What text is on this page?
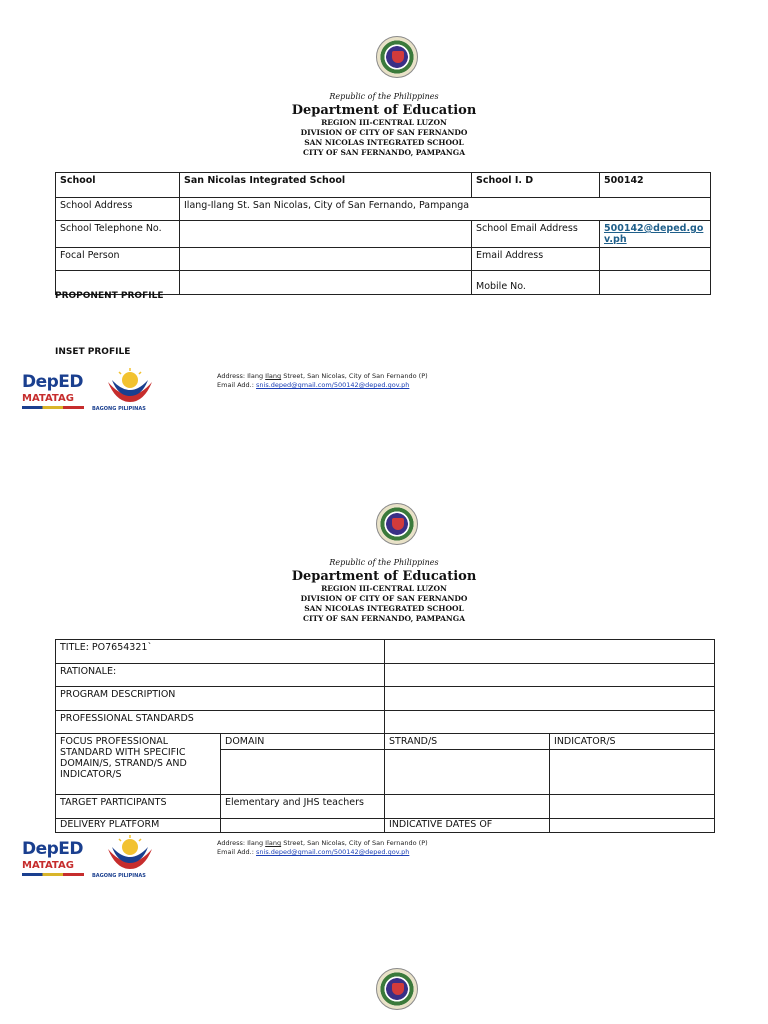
Republic of the Philippines
Department of Education
REGION III-CENTRAL LUZON
DIVISION OF CITY OF SAN FERNANDO
SAN NICOLAS INTEGRATED SCHOOL
CITY OF SAN FERNANDO, PAMPANGA
School	San Nicolas Integrated School	School I. D	500142
School Address	Ilang-Ilang St. San Nicolas, City of San Fernando, Pampanga		
School Telephone No.		School Email Address	500142@deped.gov.ph
Focal Person		Email Address	
		Mobile No.	
PROPONENT PROFILE
INSET PROFILE
DepED
MATATAG
BAGONG PILIPINAS
Address: Ilang Ilang Street, San Nicolas, City of San Fernando (P)
Email Add.: snis.deped@gmail.com/500142@deped.gov.ph
Republic of the Philippines
Department of Education
REGION III-CENTRAL LUZON
DIVISION OF CITY OF SAN FERNANDO
SAN NICOLAS INTEGRATED SCHOOL
CITY OF SAN FERNANDO, PAMPANGA
TITLE: PO7654321`			
RATIONALE:			
PROGRAM DESCRIPTION			
PROFESSIONAL STANDARDS			
FOCUS PROFESSIONAL STANDARD WITH SPECIFIC DOMAIN/S, STRAND/S AND INDICATOR/S	DOMAIN	STRAND/S	INDICATOR/S

TARGET PARTICIPANTS	Elementary and JHS teachers		
DELIVERY PLATFORM		INDICATIVE DATES OF	
DepED
MATATAG
BAGONG PILIPINAS
Address: Ilang Ilang Street, San Nicolas, City of San Fernando (P)
Email Add.: snis.deped@gmail.com/500142@deped.gov.ph
